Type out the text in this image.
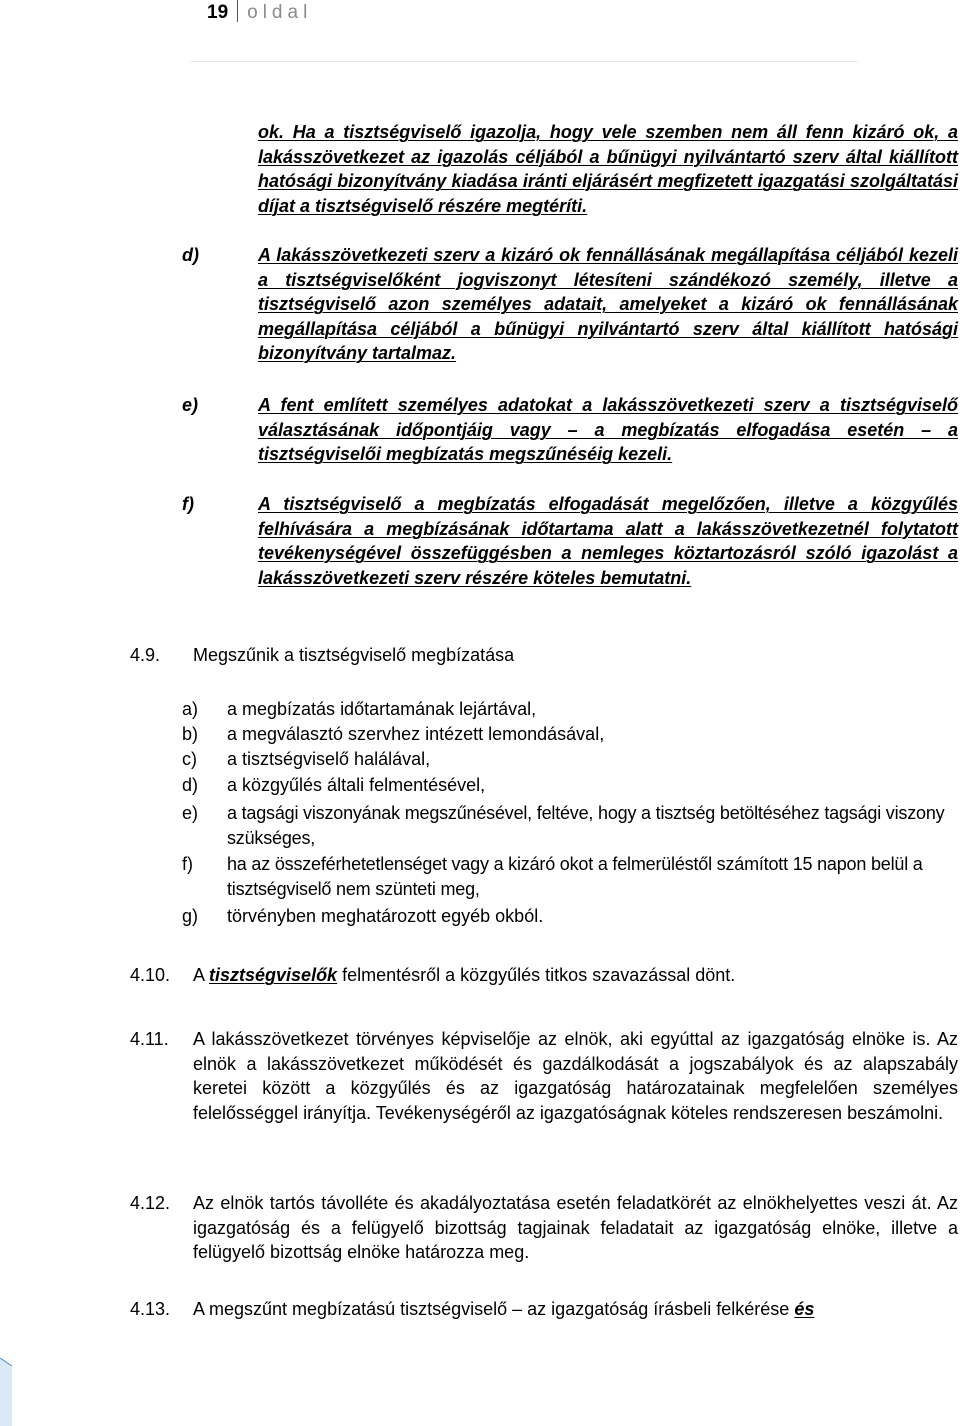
19 oldal

ok. Ha a tisztségviselő igazolja, hogy vele szemben nem áll fenn kizáró ok, a lakásszövetkezet az igazolás céljából a bűnügyi nyilvántartó szerv által kiállított hatósági bizonyítvány kiadása iránti eljárásért megfizetett igazgatási szolgáltatási díjat a tisztségviselő részére megtéríti.

d)	A lakásszövetkezeti szerv a kizáró ok fennállásának megállapítása céljából kezeli a tisztségviselőként jogviszonyt létesíteni szándékozó személy, illetve a tisztségviselő azon személyes adatait, amelyeket a kizáró ok fennállásának megállapítása céljából a bűnügyi nyilvántartó szerv által kiállított hatósági bizonyítvány tartalmaz.

e)	A fent említett személyes adatokat a lakásszövetkezeti szerv a tisztségviselő választásának időpontjáig vagy – a megbízatás elfogadása esetén – a tisztségviselői megbízatás megszűnéséig kezeli.

f)	A tisztségviselő a megbízatás elfogadását megelőzően, illetve a közgyűlés felhívására a megbízásának időtartama alatt a lakásszövetkezetnél folytatott tevékenységével összefüggésben a nemleges köztartozásról szóló igazolást a lakásszövetkezeti szerv részére köteles bemutatni.

4.9. Megszűnik a tisztségviselő megbízatása
a) a megbízatás időtartamának lejártával,
b) a megválasztó szervhez intézett lemondásával,
c) a tisztségviselő halálával,
d) a közgyűlés általi felmentésével,
e) a tagsági viszonyának megszűnésével, feltéve, hogy a tisztség betöltéséhez tagsági viszony szükséges,
f) ha az összeférhetetlenséget vagy a kizáró okot a felmerüléstől számított 15 napon belül a tisztségviselő nem szünteti meg,
g) törvényben meghatározott egyéb okból.
4.10. A tisztségviselők felmentésről a közgyűlés titkos szavazással dönt.

4.11. A lakásszövetkezet törvényes képviselője az elnök, aki egyúttal az igazgatóság elnöke is. Az elnök a lakásszövetkezet működését és gazdálkodását a jogszabályok és az alapszabály keretei között a közgyűlés és az igazgatóság határozatainak megfelelően személyes felelősséggel irányítja. Tevékenységéről az igazgatóságnak köteles rendszeresen beszámolni.

4.12. Az elnök tartós távolléte és akadályoztatása esetén feladatkörét az elnökhelyettes veszi át. Az igazgatóság és a felügyelő bizottság tagjainak feladatait az igazgatóság elnöke, illetve a felügyelő bizottság elnöke határozza meg.

4.13. A megszűnt megbízatású tisztségviselő – az igazgatóság írásbeli felkérése és
